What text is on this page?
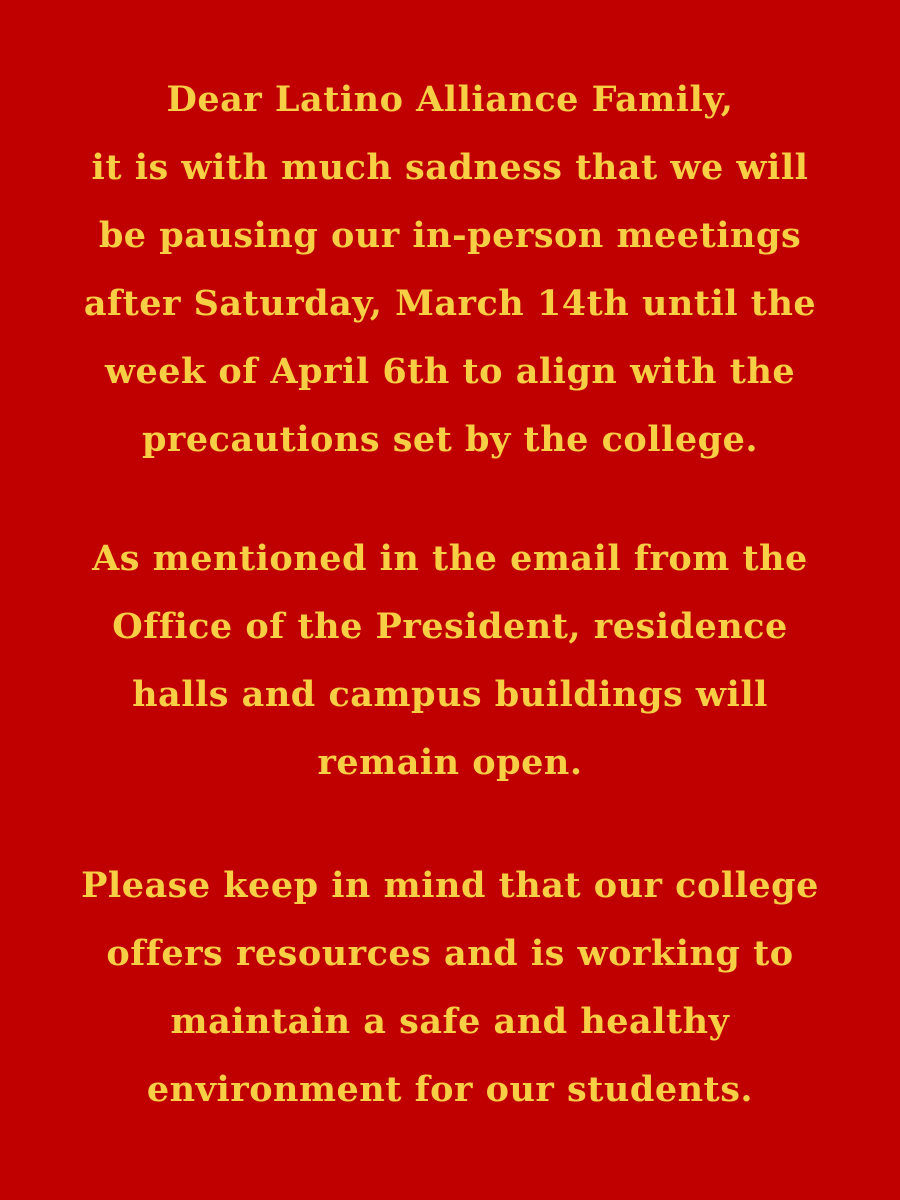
Dear Latino Alliance Family,
it is with much sadness that we will
be pausing our in-person meetings
after Saturday, March 14th until the
week of April 6th to align with the
precautions set by the college.
As mentioned in the email from the
Office of the President, residence
halls and campus buildings will
remain open.
Please keep in mind that our college
offers resources and is working to
maintain a safe and healthy
environment for our students.
